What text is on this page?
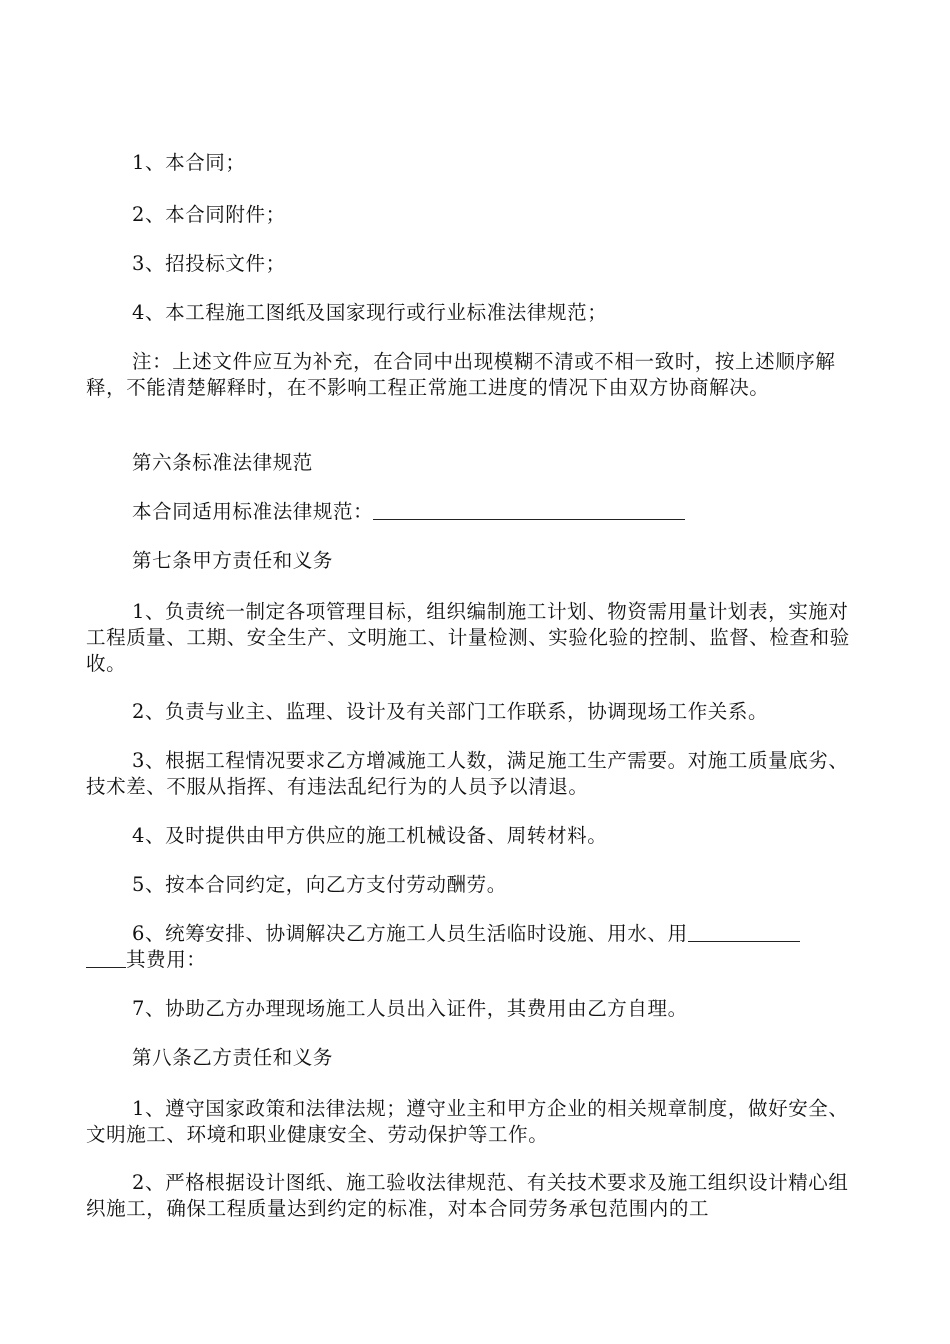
1、本合同；

2、本合同附件；

3、招投标文件；

4、本工程施工图纸及国家现行或行业标准法律规范；

注：上述文件应互为补充，在合同中出现模糊不清或不相一致时，按上述顺序解释，不能清楚解释时，在不影响工程正常施工进度的情况下由双方协商解决。

第六条标准法律规范

本合同适用标准法律规范：

第七条甲方责任和义务

1、负责统一制定各项管理目标，组织编制施工计划、物资需用量计划表，实施对工程质量、工期、安全生产、文明施工、计量检测、实验化验的控制、监督、检查和验收。

2、负责与业主、监理、设计及有关部门工作联系，协调现场工作关系。

3、根据工程情况要求乙方增减施工人数，满足施工生产需要。对施工质量底劣、技术差、不服从指挥、有违法乱纪行为的人员予以清退。

4、及时提供由甲方供应的施工机械设备、周转材料。

5、按本合同约定，向乙方支付劳动酬劳。

6、统筹安排、协调解决乙方施工人员生活临时设施、用水、用

其费用：

7、协助乙方办理现场施工人员出入证件，其费用由乙方自理。

第八条乙方责任和义务

1、遵守国家政策和法律法规；遵守业主和甲方企业的相关规章制度，做好安全、文明施工、环境和职业健康安全、劳动保护等工作。

2、严格根据设计图纸、施工验收法律规范、有关技术要求及施工组织设计精心组织施工，确保工程质量达到约定的标准，对本合同劳务承包范围内的工
